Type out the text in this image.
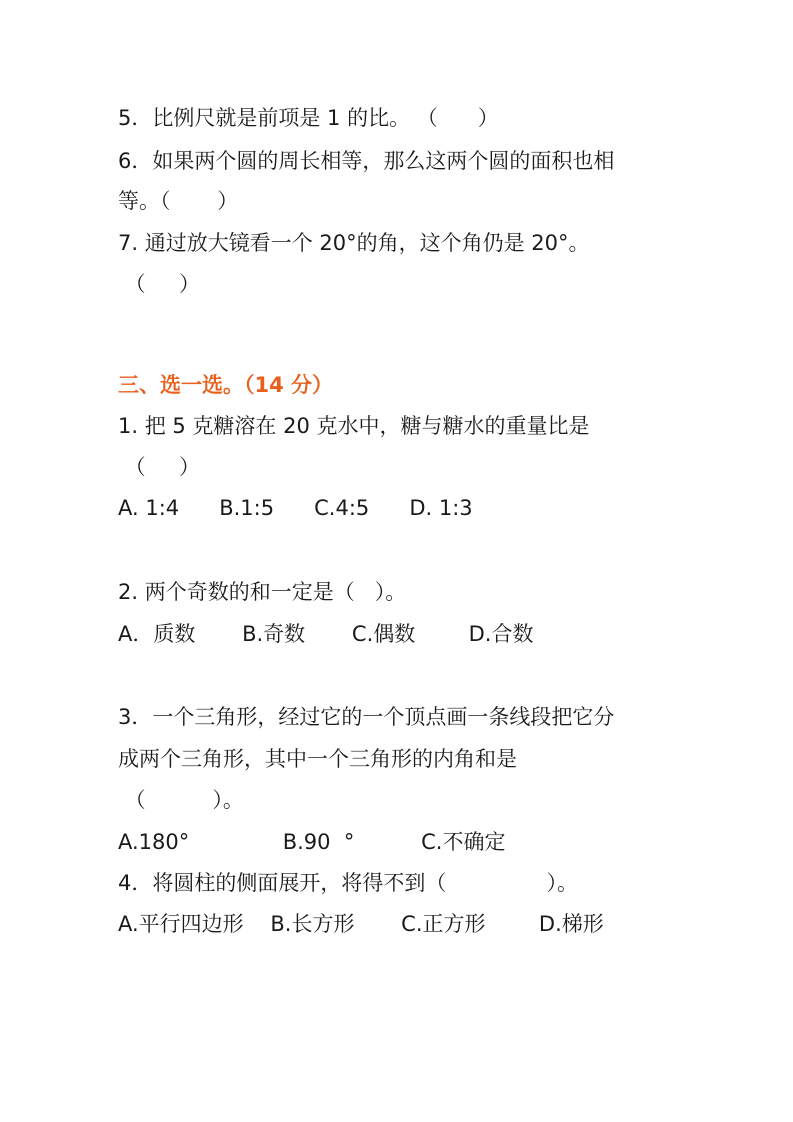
5．比例尺就是前项是 1 的比。 （      ）

6．如果两个圆的周长相等，那么这两个圆的面积也相

等。（       ）

7. 通过放大镜看一个 20°的角，这个角仍是 20°。

（     ）

三、选一选。（14 分）

1. 把 5 克糖溶在 20 克水中，糖与糖水的重量比是

（     ）

A. 1:4      B.1:5      C.4:5      D. 1:3

2. 两个奇数的和一定是（   ）。

A．质数       B.奇数       C.偶数        D.合数

3．一个三角形，经过它的一个顶点画一条线段把它分

成两个三角形，其中一个三角形的内角和是

（          ）。

A.180°              B.90  °          C.不确定

4．将圆柱的侧面展开，将得不到（               ）。

A.平行四边形    B.长方形       C.正方形        D.梯形
